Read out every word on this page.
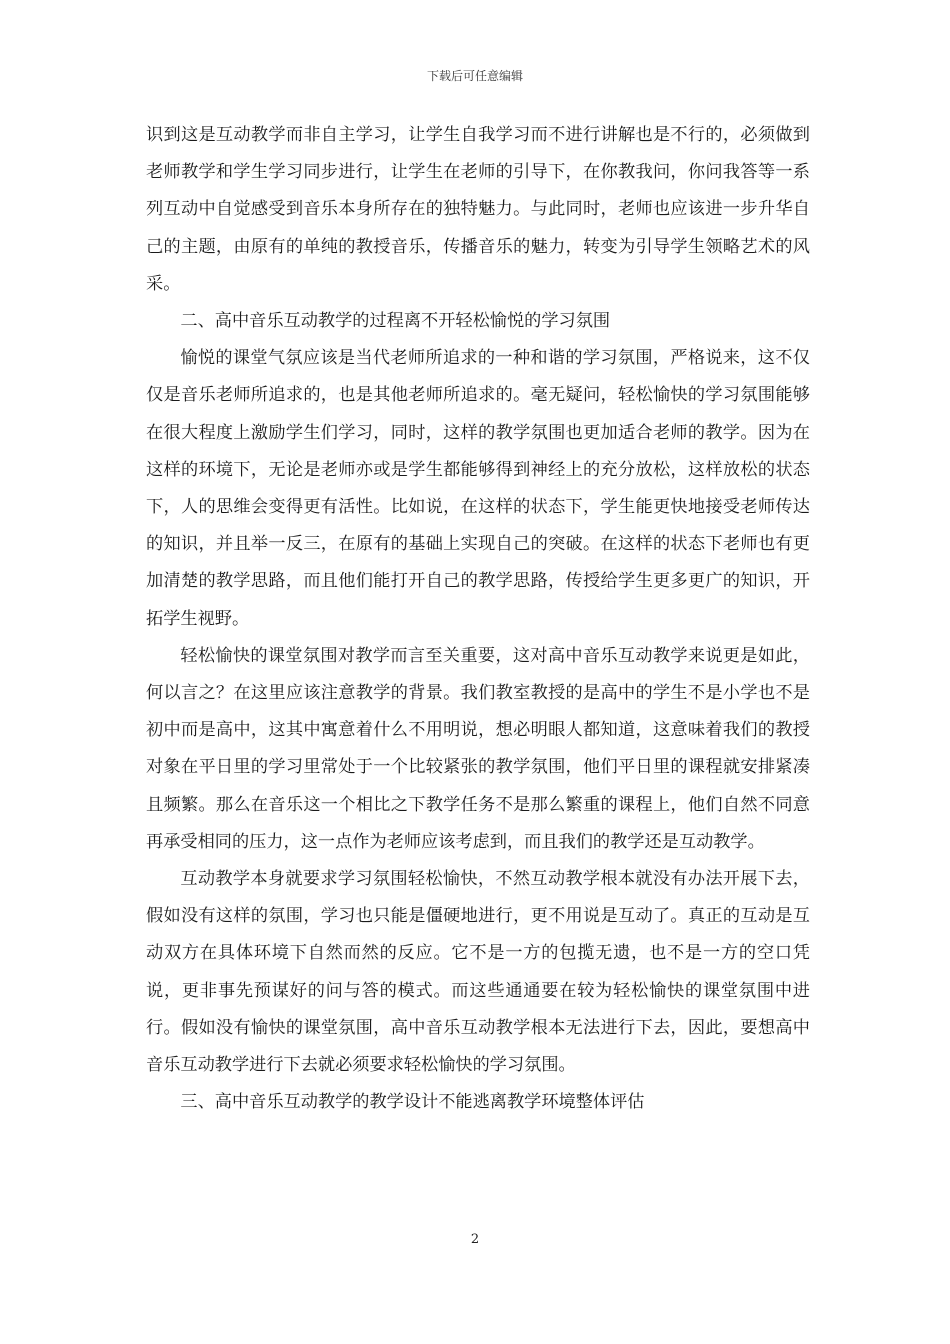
下载后可任意编辑

识到这是互动教学而非自主学习，让学生自我学习而不进行讲解也是不行的，必须做到老师教学和学生学习同步进行，让学生在老师的引导下，在你教我问，你问我答等一系列互动中自觉感受到音乐本身所存在的独特魅力。与此同时，老师也应该进一步升华自己的主题，由原有的单纯的教授音乐，传播音乐的魅力，转变为引导学生领略艺术的风采。

二、高中音乐互动教学的过程离不开轻松愉悦的学习氛围

愉悦的课堂气氛应该是当代老师所追求的一种和谐的学习氛围，严格说来，这不仅仅是音乐老师所追求的，也是其他老师所追求的。毫无疑问，轻松愉快的学习氛围能够在很大程度上激励学生们学习，同时，这样的教学氛围也更加适合老师的教学。因为在这样的环境下，无论是老师亦或是学生都能够得到神经上的充分放松，这样放松的状态下，人的思维会变得更有活性。比如说，在这样的状态下，学生能更快地接受老师传达的知识，并且举一反三，在原有的基础上实现自己的突破。在这样的状态下老师也有更加清楚的教学思路，而且他们能打开自己的教学思路，传授给学生更多更广的知识，开拓学生视野。

轻松愉快的课堂氛围对教学而言至关重要，这对高中音乐互动教学来说更是如此，何以言之？在这里应该注意教学的背景。我们教室教授的是高中的学生不是小学也不是初中而是高中，这其中寓意着什么不用明说，想必明眼人都知道，这意味着我们的教授对象在平日里的学习里常处于一个比较紧张的教学氛围，他们平日里的课程就安排紧凑且频繁。那么在音乐这一个相比之下教学任务不是那么繁重的课程上，他们自然不同意再承受相同的压力，这一点作为老师应该考虑到，而且我们的教学还是互动教学。

互动教学本身就要求学习氛围轻松愉快，不然互动教学根本就没有办法开展下去，假如没有这样的氛围，学习也只能是僵硬地进行，更不用说是互动了。真正的互动是互动双方在具体环境下自然而然的反应。它不是一方的包揽无遗，也不是一方的空口凭说，更非事先预谋好的问与答的模式。而这些通通要在较为轻松愉快的课堂氛围中进行。假如没有愉快的课堂氛围，高中音乐互动教学根本无法进行下去，因此，要想高中音乐互动教学进行下去就必须要求轻松愉快的学习氛围。

三、高中音乐互动教学的教学设计不能逃离教学环境整体评估

2
